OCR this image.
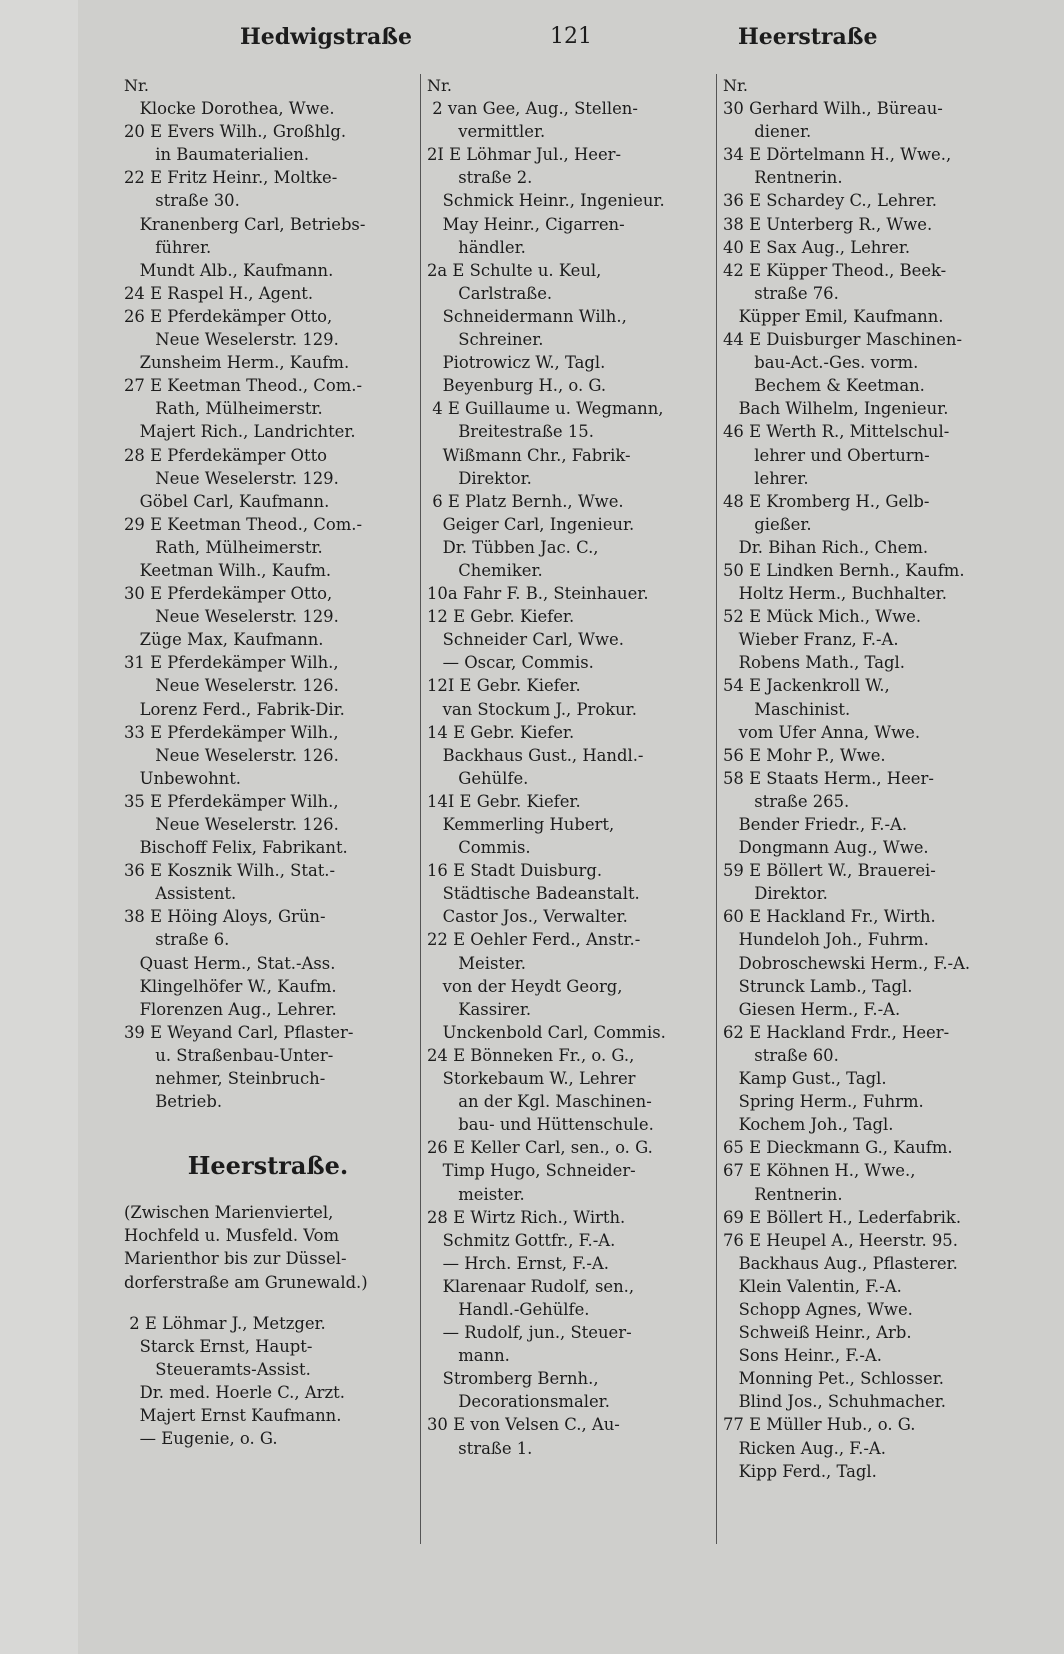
Hedwigstraße	121	Heerstraße
Nr.
Klocke Dorothea, Wwe.
20 E Evers Wilh., Großhlg.
in Baumaterialien.
22 E Fritz Heinr., Moltke-
straße 30.
Kranenberg Carl, Betriebs-
führer.
Mundt Alb., Kaufmann.
24 E Raspel H., Agent.
26 E Pferdekämper Otto,
Neue Weselerstr. 129.
Zunsheim Herm., Kaufm.
27 E Keetman Theod., Com.-
Rath, Mülheimerstr.
Majert Rich., Landrichter.
28 E Pferdekämper Otto
Neue Weselerstr. 129.
Göbel Carl, Kaufmann.
29 E Keetman Theod., Com.-
Rath, Mülheimerstr.
Keetman Wilh., Kaufm.
30 E Pferdekämper Otto,
Neue Weselerstr. 129.
Züge Max, Kaufmann.
31 E Pferdekämper Wilh.,
Neue Weselerstr. 126.
Lorenz Ferd., Fabrik-Dir.
33 E Pferdekämper Wilh.,
Neue Weselerstr. 126.
Unbewohnt.
35 E Pferdekämper Wilh.,
Neue Weselerstr. 126.
Bischoff Felix, Fabrikant.
36 E Kosznik Wilh., Stat.-
Assistent.
38 E Höing Aloys, Grün-
straße 6.
Quast Herm., Stat.-Ass.
Klingelhöfer W., Kaufm.
Florenzen Aug., Lehrer.
39 E Weyand Carl, Pflaster-
u. Straßenbau-Unter-
nehmer, Steinbruch-
Betrieb.
Heerstraße.
(Zwischen Marienviertel,
Hochfeld u. Musfeld. Vom
Marienthor bis zur Düssel-
dorferstraße am Grunewald.)
2 E Löhmar J., Metzger.
Starck Ernst, Haupt-
Steueramts-Assist.
Dr. med. Hoerle C., Arzt.
Majert Ernst Kaufmann.
— Eugenie, o. G.
Nr.
2 van Gee, Aug., Stellen-
vermittler.
2I E Löhmar Jul., Heer-
straße 2.
Schmick Heinr., Ingenieur.
May Heinr., Cigarren-
händler.
2a E Schulte u. Keul,
Carlstraße.
Schneidermann Wilh.,
Schreiner.
Piotrowicz W., Tagl.
Beyenburg H., o. G.
4 E Guillaume u. Wegmann,
Breitestraße 15.
Wißmann Chr., Fabrik-
Direktor.
6 E Platz Bernh., Wwe.
Geiger Carl, Ingenieur.
Dr. Tübben Jac. C.,
Chemiker.
10a Fahr F. B., Steinhauer.
12 E Gebr. Kiefer.
Schneider Carl, Wwe.
— Oscar, Commis.
12I E Gebr. Kiefer.
van Stockum J., Prokur.
14 E Gebr. Kiefer.
Backhaus Gust., Handl.-
Gehülfe.
14I E Gebr. Kiefer.
Kemmerling Hubert,
Commis.
16 E Stadt Duisburg.
Städtische Badeanstalt.
Castor Jos., Verwalter.
22 E Oehler Ferd., Anstr.-
Meister.
von der Heydt Georg,
Kassirer.
Unckenbold Carl, Commis.
24 E Bönneken Fr., o. G.,
Storkebaum W., Lehrer
an der Kgl. Maschinen-
bau- und Hüttenschule.
26 E Keller Carl, sen., o. G.
Timp Hugo, Schneider-
meister.
28 E Wirtz Rich., Wirth.
Schmitz Gottfr., F.-A.
— Hrch. Ernst, F.-A.
Klarenaar Rudolf, sen.,
Handl.-Gehülfe.
— Rudolf, jun., Steuer-
mann.
Stromberg Bernh.,
Decorationsmaler.
30 E von Velsen C., Au-
straße 1.
Nr.
30 Gerhard Wilh., Büreau-
diener.
34 E Dörtelmann H., Wwe.,
Rentnerin.
36 E Schardey C., Lehrer.
38 E Unterberg R., Wwe.
40 E Sax Aug., Lehrer.
42 E Küpper Theod., Beek-
straße 76.
Küpper Emil, Kaufmann.
44 E Duisburger Maschinen-
bau-Act.-Ges. vorm.
Bechem & Keetman.
Bach Wilhelm, Ingenieur.
46 E Werth R., Mittelschul-
lehrer und Oberturn-
lehrer.
48 E Kromberg H., Gelb-
gießer.
Dr. Bihan Rich., Chem.
50 E Lindken Bernh., Kaufm.
Holtz Herm., Buchhalter.
52 E Mück Mich., Wwe.
Wieber Franz, F.-A.
Robens Math., Tagl.
54 E Jackenkroll W.,
Maschinist.
vom Ufer Anna, Wwe.
56 E Mohr P., Wwe.
58 E Staats Herm., Heer-
straße 265.
Bender Friedr., F.-A.
Dongmann Aug., Wwe.
59 E Böllert W., Brauerei-
Direktor.
60 E Hackland Fr., Wirth.
Hundeloh Joh., Fuhrm.
Dobroschewski Herm., F.-A.
Strunck Lamb., Tagl.
Giesen Herm., F.-A.
62 E Hackland Frdr., Heer-
straße 60.
Kamp Gust., Tagl.
Spring Herm., Fuhrm.
Kochem Joh., Tagl.
65 E Dieckmann G., Kaufm.
67 E Köhnen H., Wwe.,
Rentnerin.
69 E Böllert H., Lederfabrik.
76 E Heupel A., Heerstr. 95.
Backhaus Aug., Pflasterer.
Klein Valentin, F.-A.
Schopp Agnes, Wwe.
Schweiß Heinr., Arb.
Sons Heinr., F.-A.
Monning Pet., Schlosser.
Blind Jos., Schuhmacher.
77 E Müller Hub., o. G.
Ricken Aug., F.-A.
Kipp Ferd., Tagl.
